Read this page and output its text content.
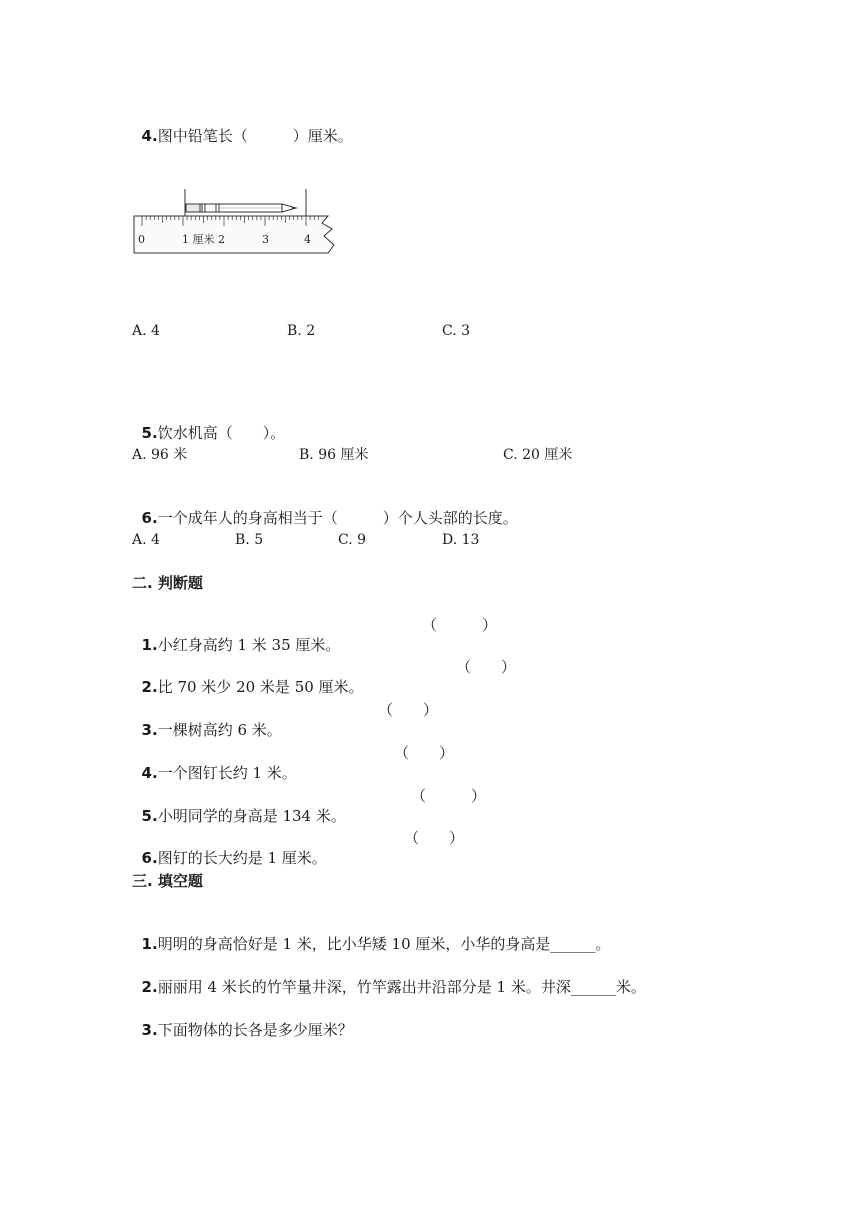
4.图中铅笔长（　　　）厘米。

0	1 厘米 2	3	4
A. 4	B. 2	C. 3

5.饮水机高（　　）。

A. 96 米	B. 96 厘米	C. 20 厘米

6.一个成年人的身高相当于（　　　）个人头部的长度。

A. 4	B. 5	C. 9	D. 13
二. 判断题

1.小红身高约 1 米 35 厘米。

（　　　）

2.比 70 米少 20 米是 50 厘米。

（　　）

3.一棵树高约 6 米。

（　　）

4.一个图钉长约 1 米。

（　　）

5.小明同学的身高是 134 米。

（　　　）

6.图钉的长大约是 1 厘米。

（　　）
三. 填空题

1.明明的身高恰好是 1 米，比小华矮 10 厘米，小华的身高是______。

2.丽丽用 4 米长的竹竿量井深，竹竿露出井沿部分是 1 米。井深______米。

3.下面物体的长各是多少厘米？
